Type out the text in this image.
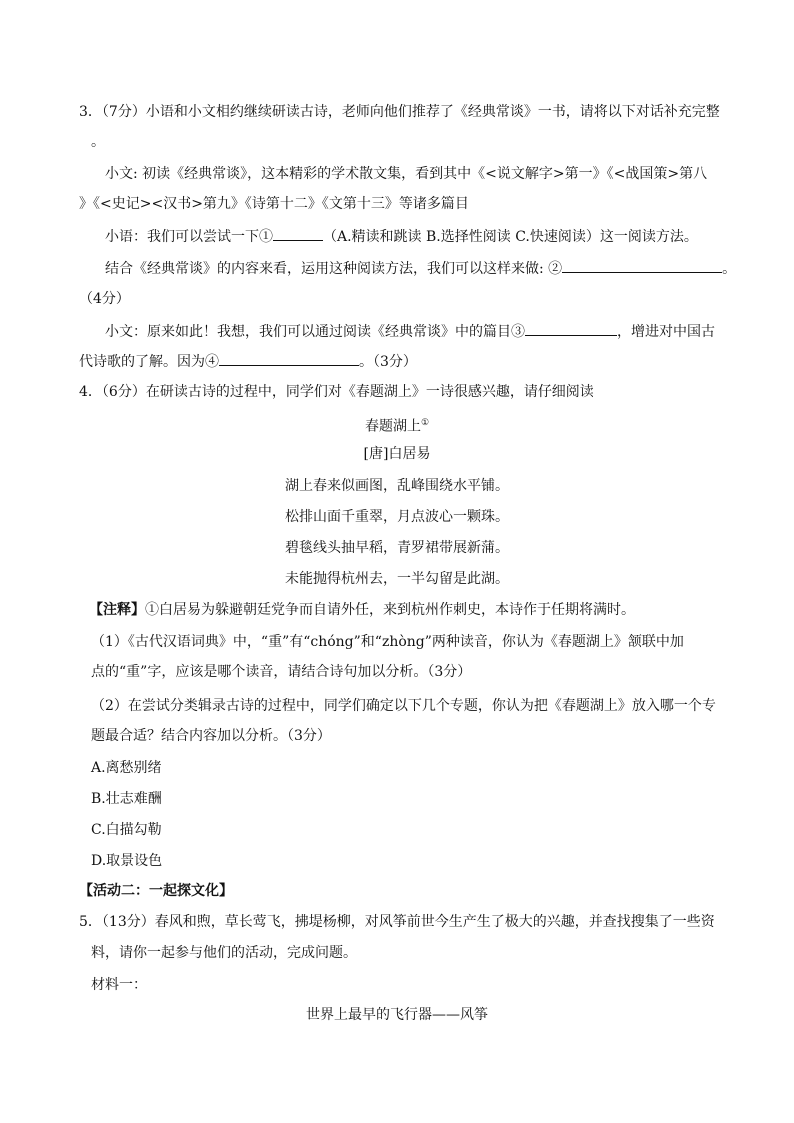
3．（7分）小语和小文相约继续研读古诗，老师向他们推荐了《经典常谈》一书，请将以下对话补充完整
。
小文: 初读《经典常谈》，这本精彩的学术散文集，看到其中《<说文解字>第一》《<战国策>第八
》《<史记><汉书>第九》《诗第十二》《文第十三》等诸多篇目
小语：我们可以尝试一下①	（A.精读和跳读 B.选择性阅读 C.快速阅读）这一阅读方法。
结合《经典常谈》的内容来看，运用这种阅读方法，我们可以这样来做: ②	。
（4分）
小文：原来如此！我想，我们可以通过阅读《经典常谈》中的篇目③	，增进对中国古
代诗歌的了解。因为④	。（3分）
4．（6分）在研读古诗的过程中，同学们对《春题湖上》一诗很感兴趣，请仔细阅读
春题湖上①
[唐]白居易
湖上春来似画图，乱峰围绕水平铺。
松排山面千重翠，月点波心一颗珠。
碧毯线头抽早稻，青罗裙带展新蒲。
未能抛得杭州去，一半勾留是此湖。
【注释】①白居易为躲避朝廷党争而自请外任，来到杭州作刺史，本诗作于任期将满时。
（1）《古代汉语词典》中，“重”有“chóng”和“zhòng”两种读音，你认为《春题湖上》颔联中加
点的“重”字，应该是哪个读音，请结合诗句加以分析。（3分）
（2）在尝试分类辑录古诗的过程中，同学们确定以下几个专题，你认为把《春题湖上》放入哪一个专
题最合适？结合内容加以分析。（3分）
A.离愁别绪
B.壮志难酬
C.白描勾勒
D.取景设色
【活动二：一起探文化】
5．（13分）春风和煦，草长莺飞，拂堤杨柳，对风筝前世今生产生了极大的兴趣，并查找搜集了一些资
料，请你一起参与他们的活动，完成问题。
材料一：
世界上最早的飞行器——风筝
